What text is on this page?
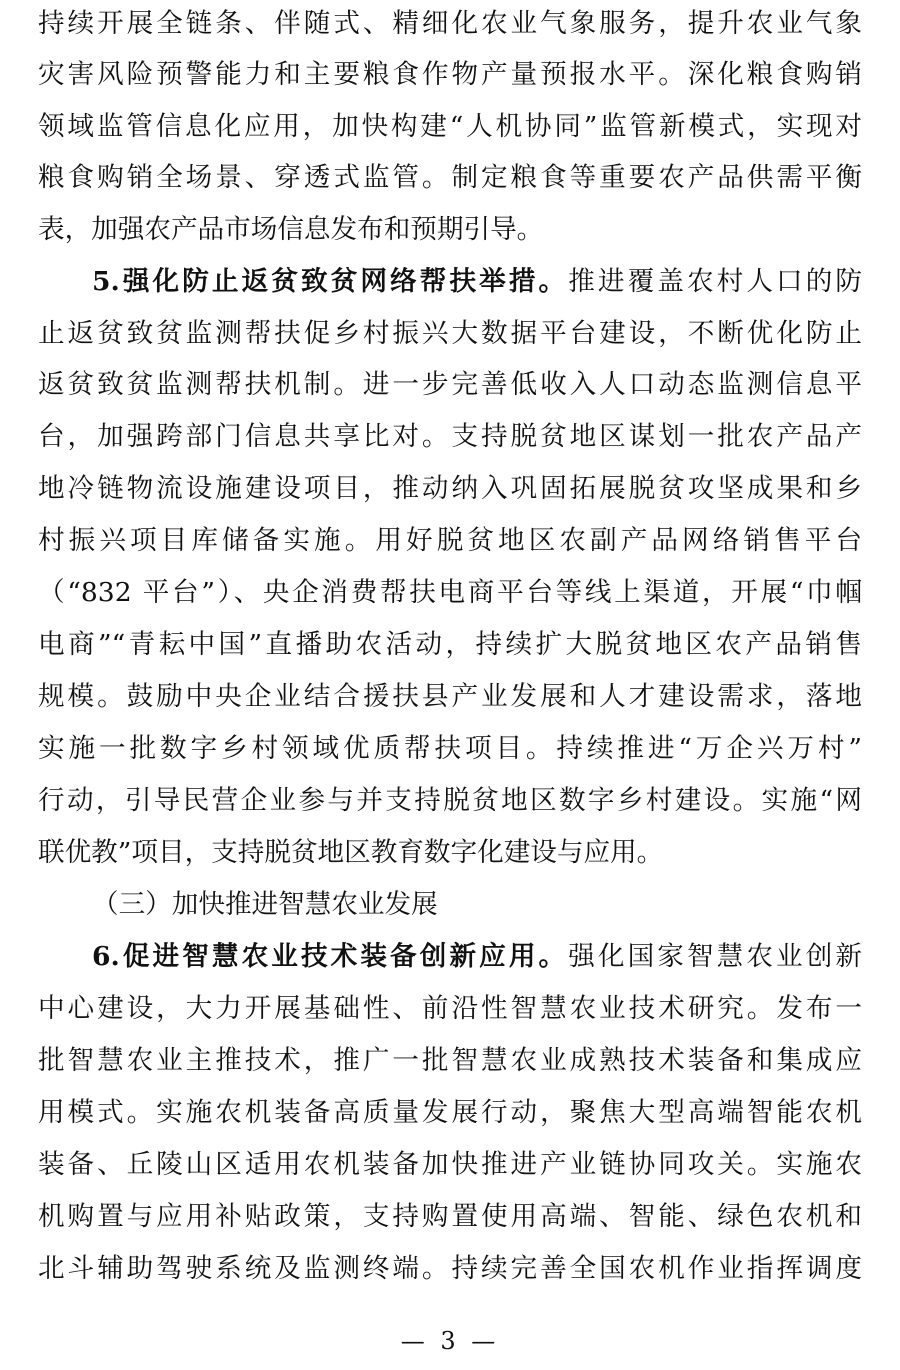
持续开展全链条、伴随式、精细化农业气象服务，提升农业气象
灾害风险预警能力和主要粮食作物产量预报水平。深化粮食购销
领域监管信息化应用，加快构建“人机协同”监管新模式，实现对
粮食购销全场景、穿透式监管。制定粮食等重要农产品供需平衡
表，加强农产品市场信息发布和预期引导。
5.强化防止返贫致贫网络帮扶举措。推进覆盖农村人口的防
止返贫致贫监测帮扶促乡村振兴大数据平台建设，不断优化防止
返贫致贫监测帮扶机制。进一步完善低收入人口动态监测信息平
台，加强跨部门信息共享比对。支持脱贫地区谋划一批农产品产
地冷链物流设施建设项目，推动纳入巩固拓展脱贫攻坚成果和乡
村振兴项目库储备实施。用好脱贫地区农副产品网络销售平台
（“832 平台”）、央企消费帮扶电商平台等线上渠道，开展“巾帼
电商”“青耘中国”直播助农活动，持续扩大脱贫地区农产品销售
规模。鼓励中央企业结合援扶县产业发展和人才建设需求，落地
实施一批数字乡村领域优质帮扶项目。持续推进“万企兴万村”
行动，引导民营企业参与并支持脱贫地区数字乡村建设。实施“网
联优教”项目，支持脱贫地区教育数字化建设与应用。
（三）加快推进智慧农业发展
6.促进智慧农业技术装备创新应用。强化国家智慧农业创新
中心建设，大力开展基础性、前沿性智慧农业技术研究。发布一
批智慧农业主推技术，推广一批智慧农业成熟技术装备和集成应
用模式。实施农机装备高质量发展行动，聚焦大型高端智能农机
装备、丘陵山区适用农机装备加快推进产业链协同攻关。实施农
机购置与应用补贴政策，支持购置使用高端、智能、绿色农机和
北斗辅助驾驶系统及监测终端。持续完善全国农机作业指挥调度
— 3 —
